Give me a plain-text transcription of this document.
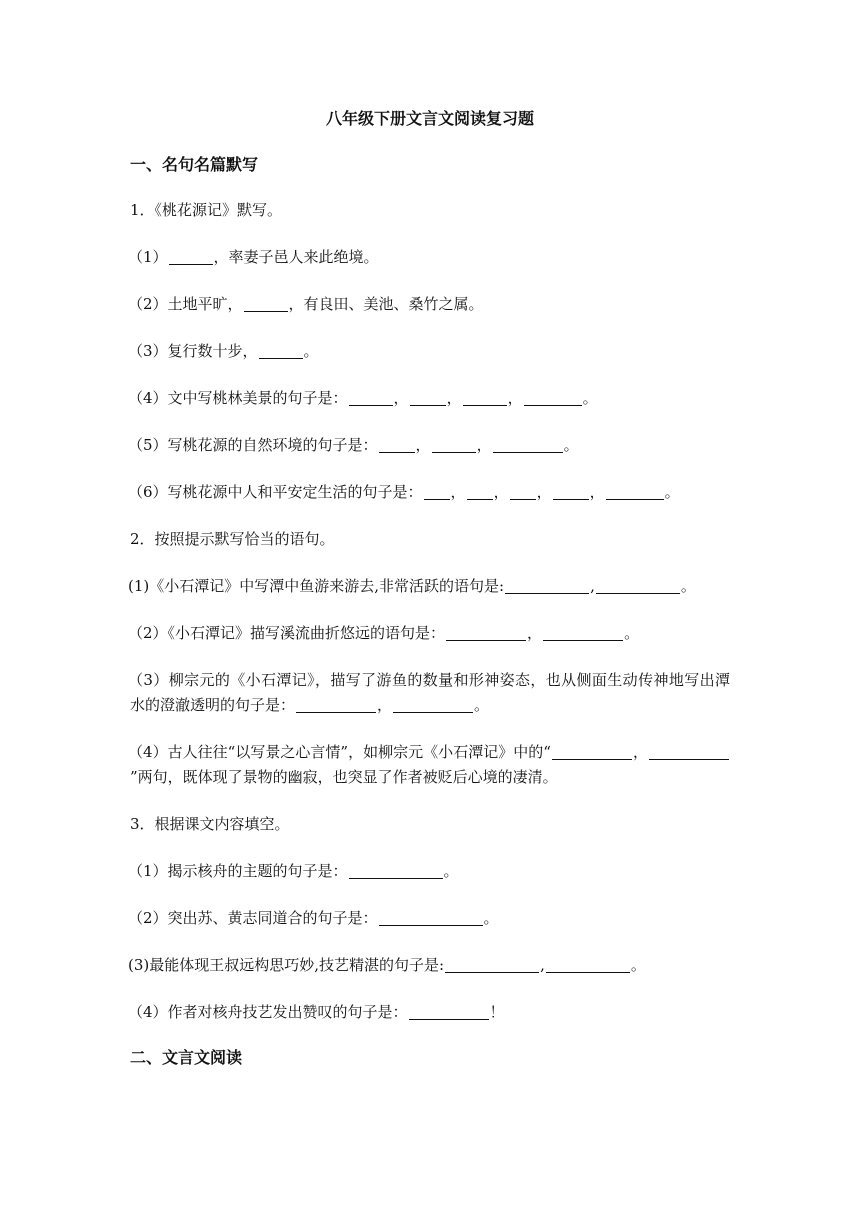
八年级下册文言文阅读复习题
一、名句名篇默写
1．《桃花源记》默写。
（1）	，率妻子邑人来此绝境。
（2）土地平旷，	，有良田、美池、桑竹之属。
（3）复行数十步，	。
（4）文中写桃林美景的句子是：	，	，	，	。
（5）写桃花源的自然环境的句子是：	，	，	。
（6）写桃花源中人和平安定生活的句子是： ， ， ，	，	。
2．按照提示默写恰当的语句。
(1)《小石潭记》中写潭中鱼游来游去,非常活跃的语句是:	,	。
（2）《小石潭记》描写溪流曲折悠远的语句是：	，	。
（3）柳宗元的《小石潭记》，描写了游鱼的数量和形神姿态，也从侧面生动传神地写出潭水的澄澈透明的句子是：	，	。
（4）古人往往“以写景之心言情”，如柳宗元《小石潭记》中的“	，”两句，既体现了景物的幽寂，也突显了作者被贬后心境的凄清。
3．根据课文内容填空。
（1）揭示核舟的主题的句子是：	。
（2）突出苏、黄志同道合的句子是：	。
(3)最能体现王叔远构思巧妙,技艺精湛的句子是:	,	。
（4）作者对核舟技艺发出赞叹的句子是：	！
二、文言文阅读
